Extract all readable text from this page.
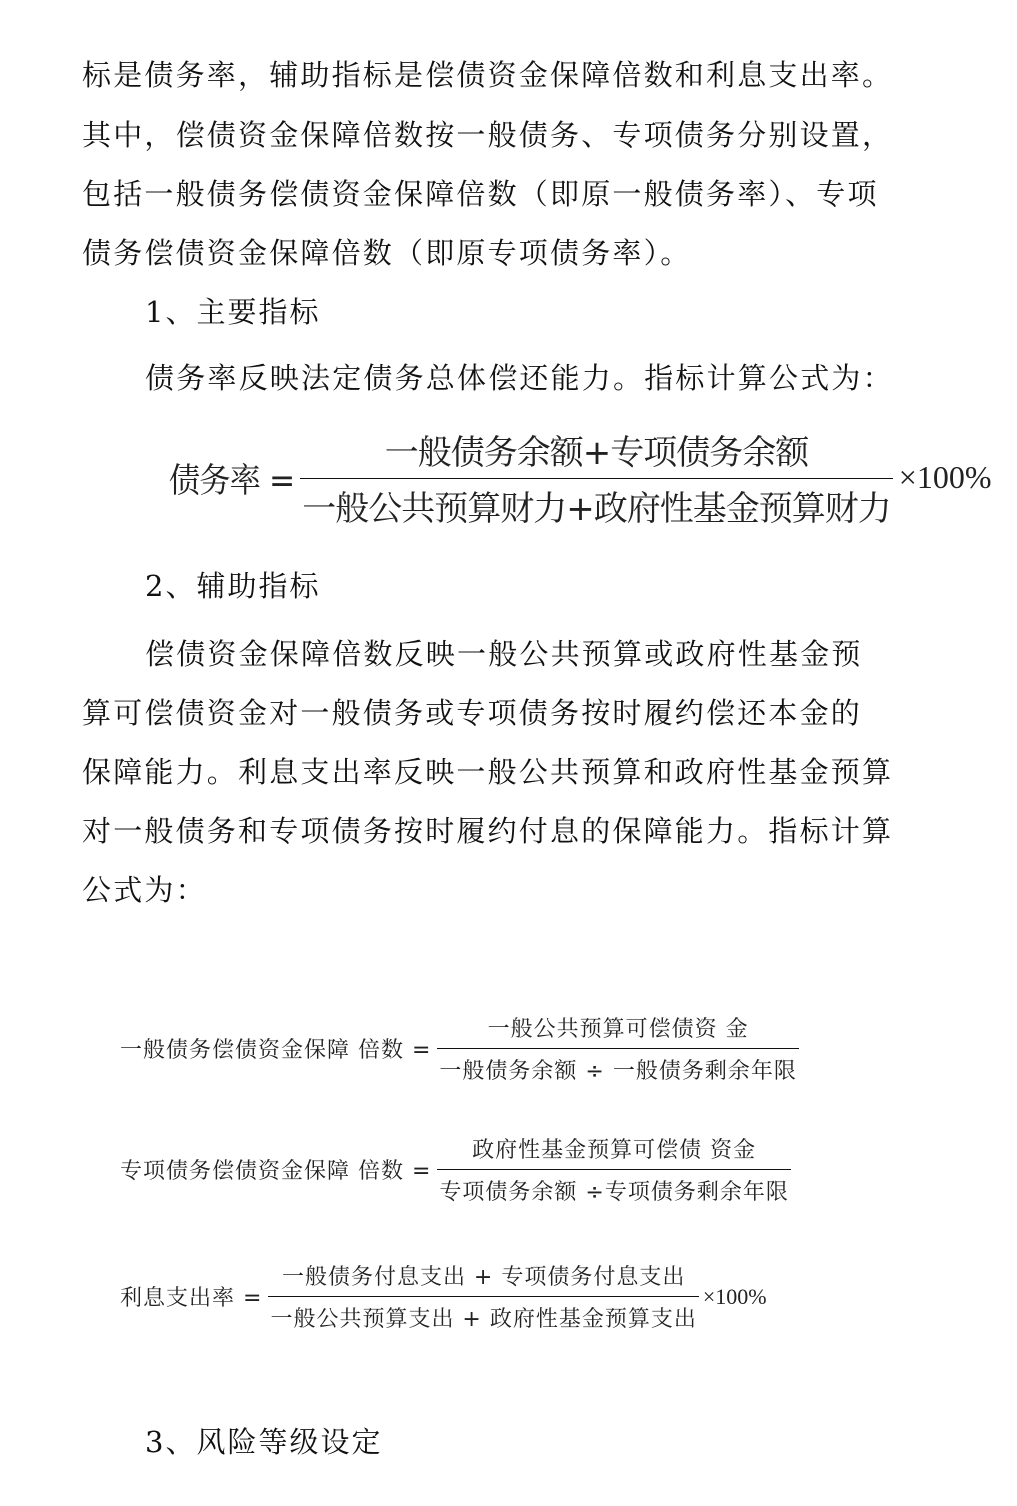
标是债务率，辅助指标是偿债资金保障倍数和利息支出率。
其中，偿债资金保障倍数按一般债务、专项债务分别设置，
包括一般债务偿债资金保障倍数（即原一般债务率）、专项
债务偿债资金保障倍数（即原专项债务率）。
1、主要指标
债务率反映法定债务总体偿还能力。指标计算公式为：
债务率 = $\frac{\text{一般债务余额+专项债务余额}}{\text{一般公共预算财力+政府性基金预算财力}} \times 100\%$
2、辅助指标
偿债资金保障倍数反映一般公共预算或政府性基金预
算可偿债资金对一般债务或专项债务按时履约偿还本金的
保障能力。利息支出率反映一般公共预算和政府性基金预算
对一般债务和专项债务按时履约付息的保障能力。指标计算
公式为：
一般债务偿债资金保障 倍数 = $\frac{\text{一般公共预算可偿债资 金}}{\text{一般债务余额 ÷ 一般债务剩余年限}}$
专项债务偿债资金保障 倍数 = $\frac{\text{政府性基金预算可偿债 资金}}{\text{专项债务余额 ÷专项债务剩余年限}}$
利息支出率 = $\frac{\text{一般债务付息支出 + 专项债务付息支出}}{\text{一般公共预算支出 + 政府性基金预算支出}} \times 100\%$
3、风险等级设定
